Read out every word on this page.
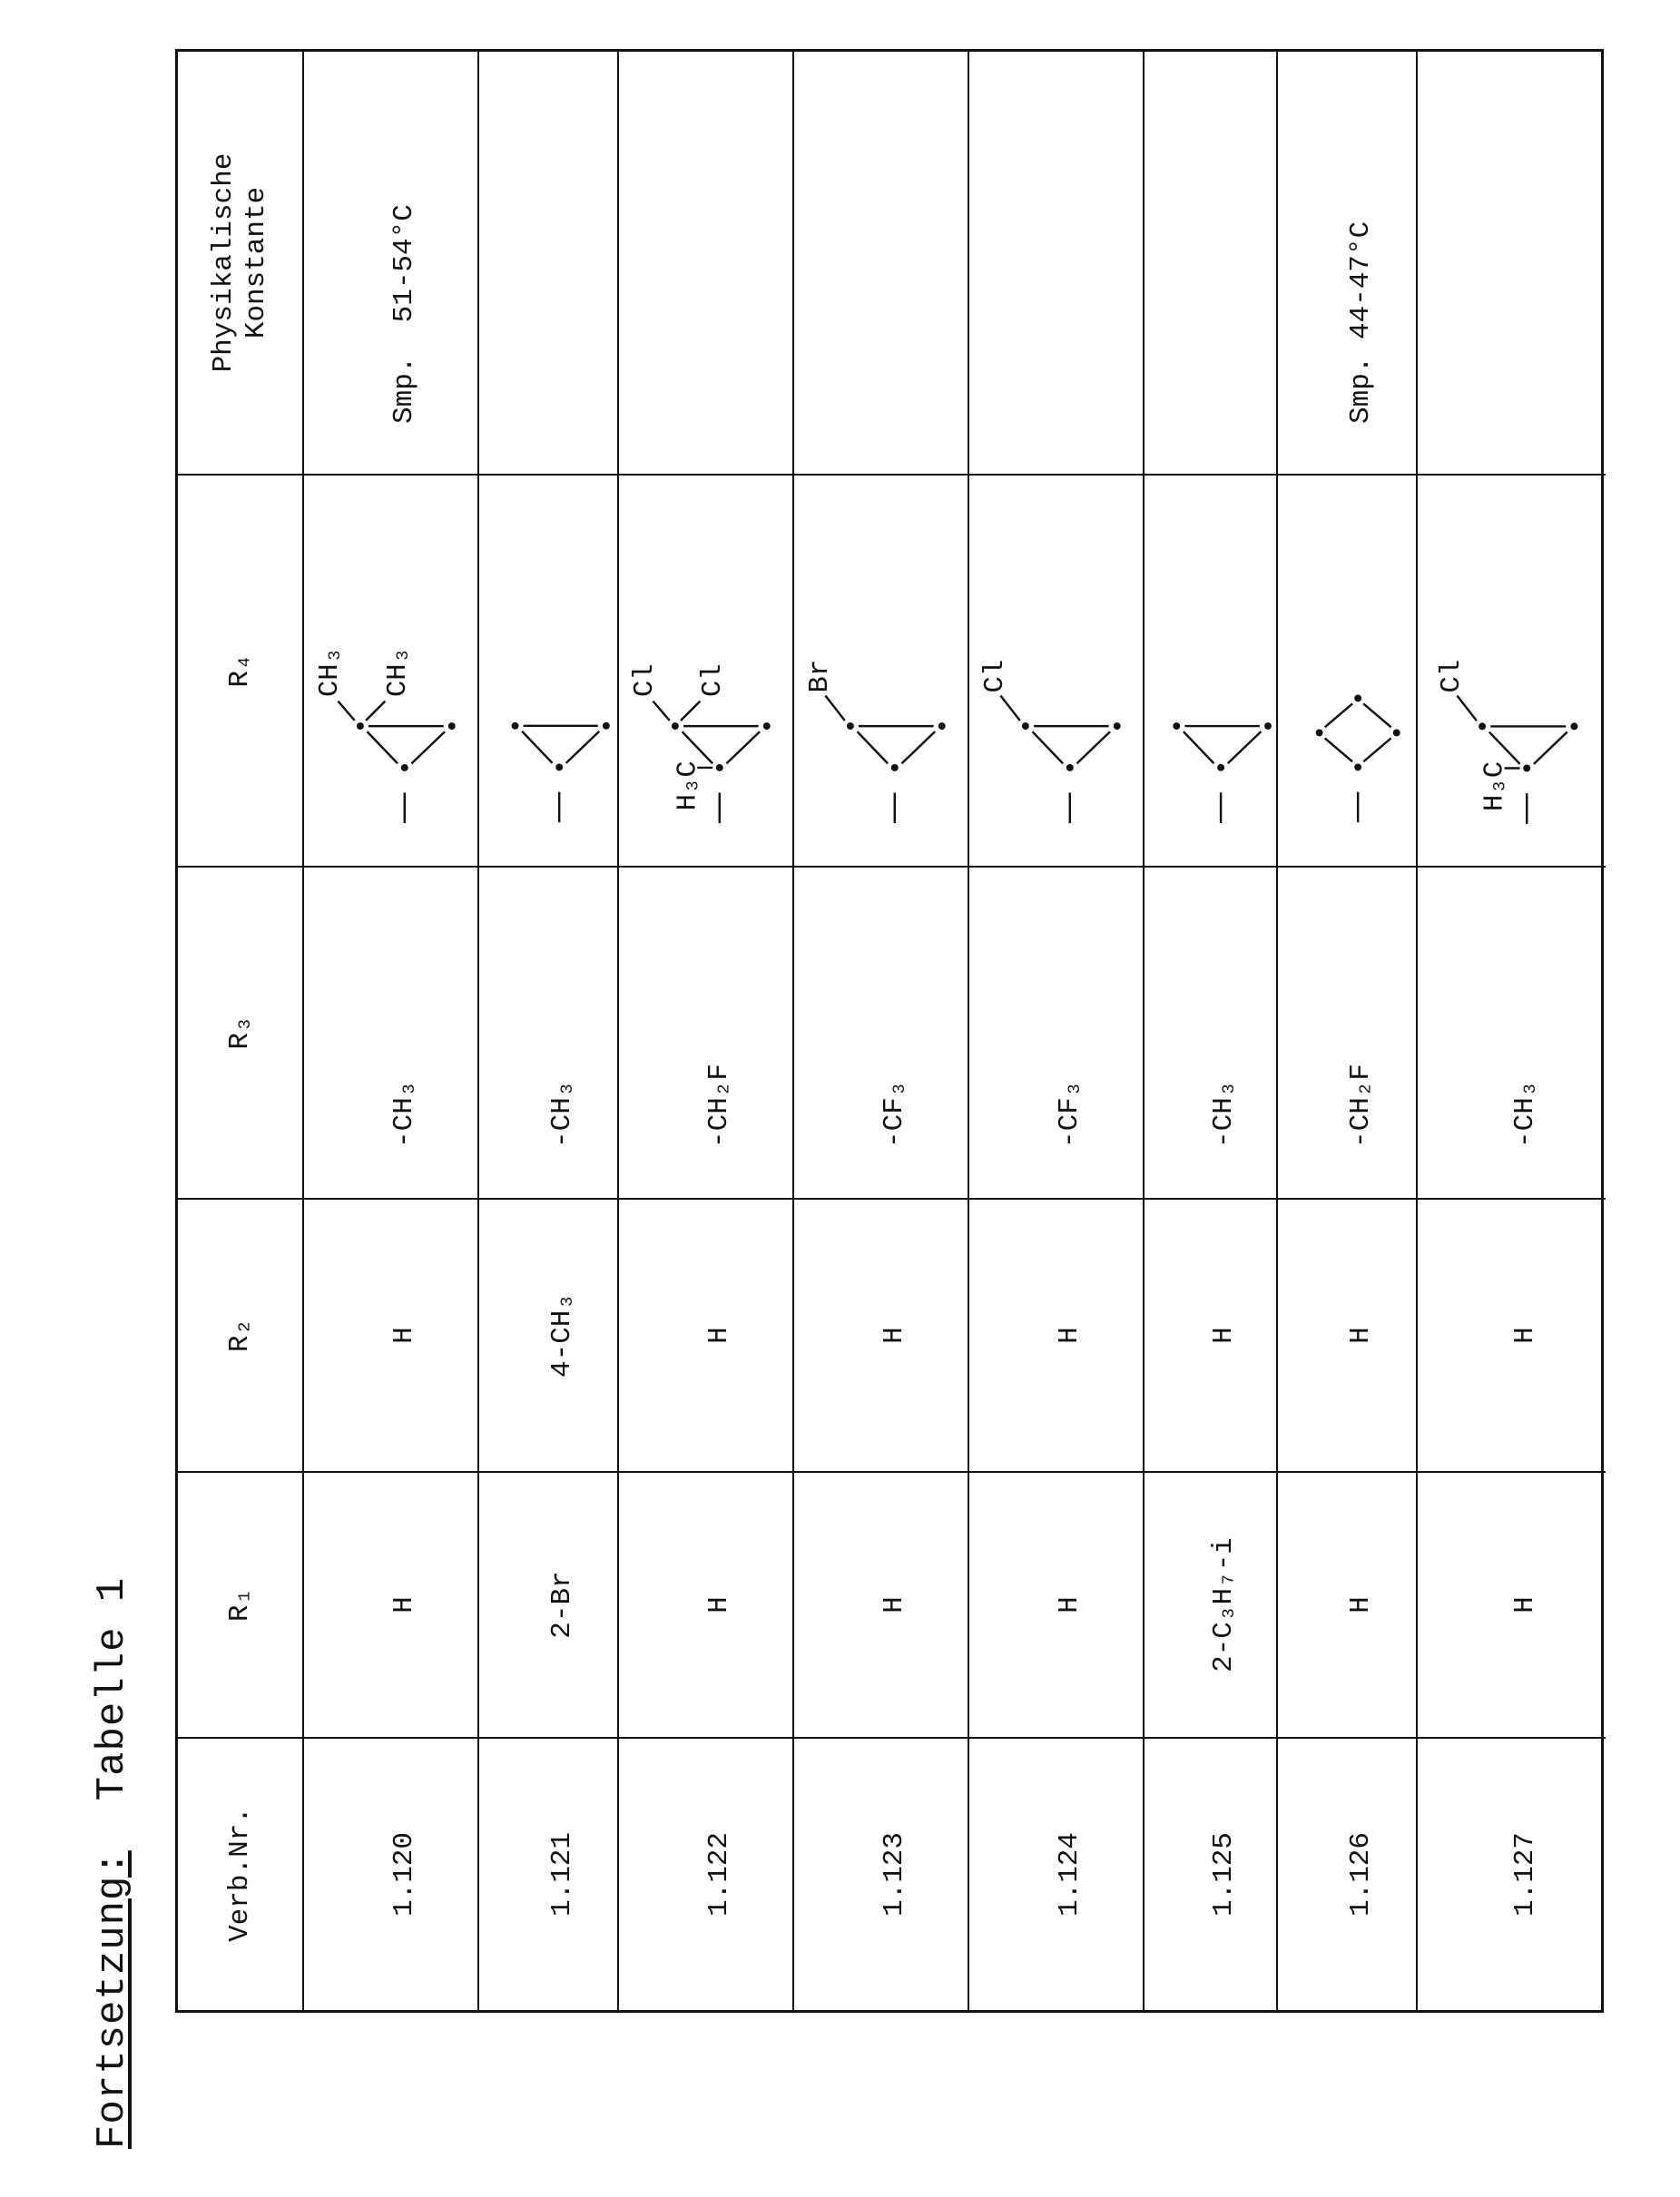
Fortsetzung:  Tabelle 1
Verb.Nr.
R₁
R₂
R₃
R₄
Physikalische Konstante
1.120
H
H
-CH₃
CH₃ CH₃
Smp.  51-54°C
1.121
2-Br
4-CH₃
-CH₃
1.122
H
H
-CH₂F
Cl Cl
H₃C
1.123
H
H
-CF₃
Br
1.124
H
H
-CF₃
Cl
1.125
2-C₃H₇-i
H
-CH₃
1.126
H
H
-CH₂F
Smp. 44-47°C
1.127
H
H
-CH₃
Cl
H₃C
